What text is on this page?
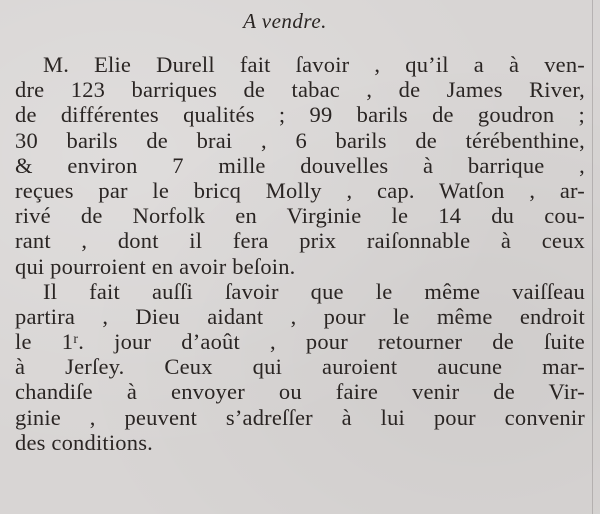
A vendre.
M. Elie Durell fait ſavoir , qu’il a à ven-
dre 123 barriques de tabac , de James River,
de différentes qualités ; 99 barils de goudron ;
30 barils de brai , 6 barils de térébenthine,
& environ 7 mille douvelles à barrique ,
reçues par le bricq Molly , cap. Watſon , ar-
rivé de Norfolk en Virginie le 14 du cou-
rant , dont il fera prix raiſonnable à ceux
qui pourroient en avoir beſoin.
Il fait auſſi ſavoir que le même vaiſſeau
partira , Dieu aidant , pour le même endroit
le 1ʳ. jour d’août , pour retourner de ſuite
à Jerſey. Ceux qui auroient aucune mar-
chandiſe à envoyer ou faire venir de Vir-
ginie , peuvent s’adreſſer à lui pour convenir
des conditions.
